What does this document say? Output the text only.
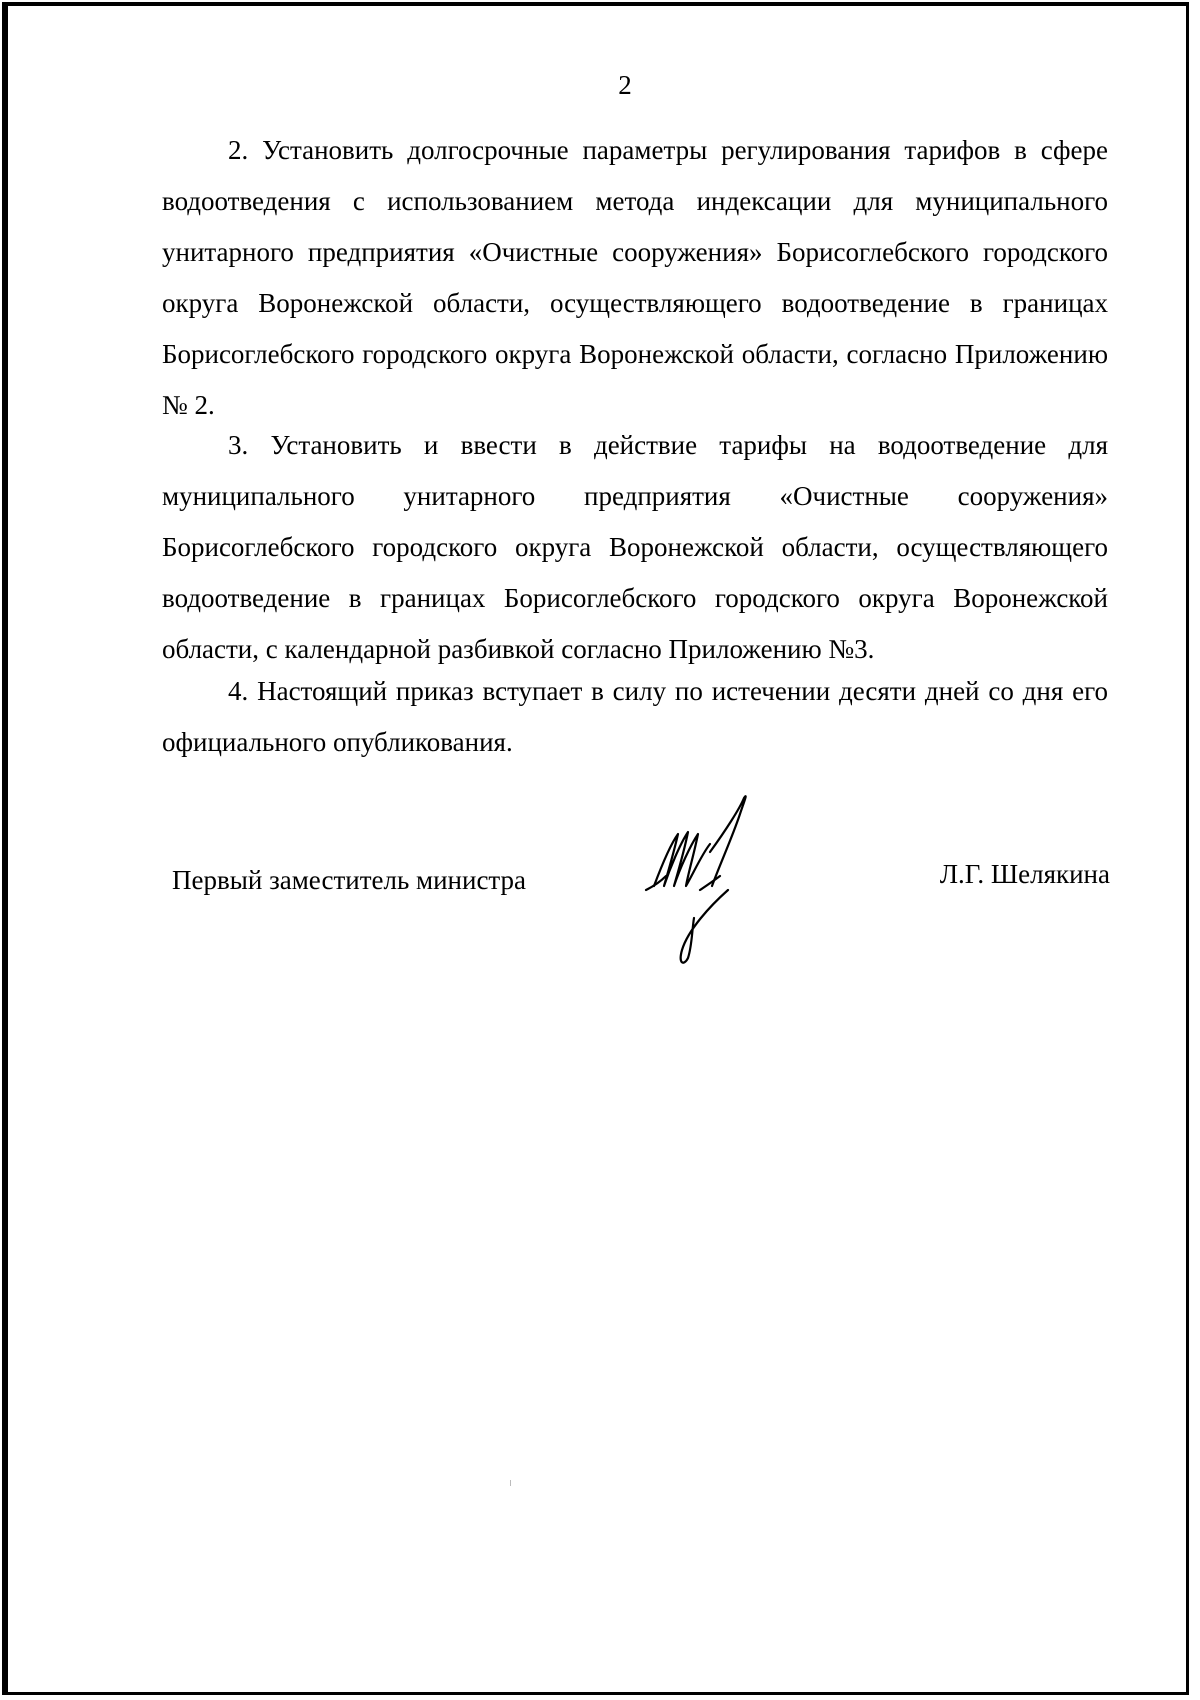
2

2. Установить долгосрочные параметры регулирования тарифов в сфере водоотведения с использованием метода индексации для муниципального унитарного предприятия «Очистные сооружения» Борисоглебского городского округа Воронежской области, осуществляющего водоотведение в границах Борисоглебского городского округа Воронежской области, согласно Приложению № 2.

3. Установить и ввести в действие тарифы на водоотведение для муниципального унитарного предприятия «Очистные сооружения» Борисоглебского городского округа Воронежской области, осуществляющего водоотведение в границах Борисоглебского городского округа Воронежской области, с календарной разбивкой согласно Приложению №3.

4. Настоящий приказ вступает в силу по истечении десяти дней со дня его официального опубликования.

Первый заместитель министра	Л.Г. Шелякина
